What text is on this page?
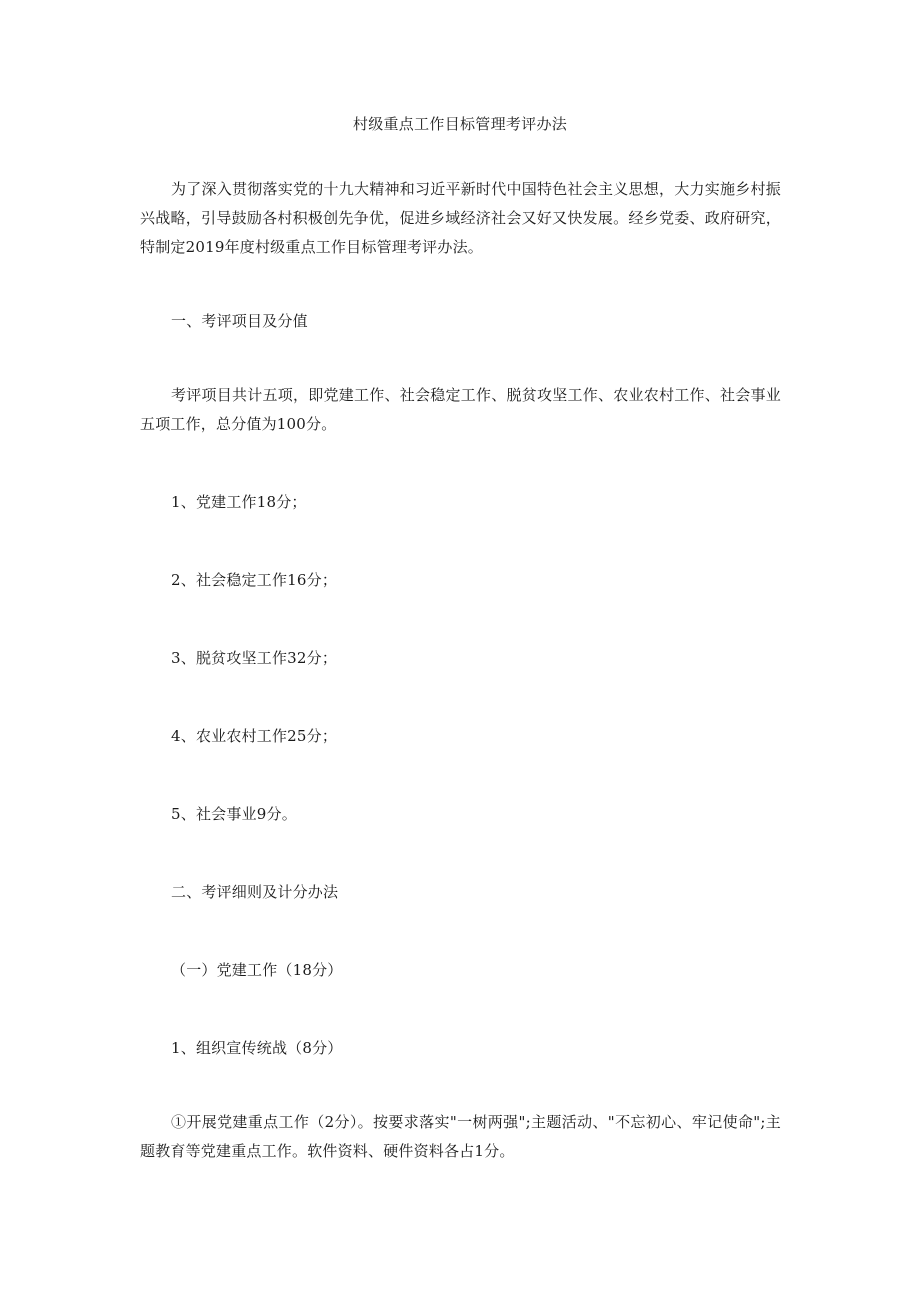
村级重点工作目标管理考评办法
为了深入贯彻落实党的十九大精神和习近平新时代中国特色社会主义思想，大力实施乡村振兴战略，引导鼓励各村积极创先争优，促进乡域经济社会又好又快发展。经乡党委、政府研究，特制定2019年度村级重点工作目标管理考评办法。
一、考评项目及分值
考评项目共计五项，即党建工作、社会稳定工作、脱贫攻坚工作、农业农村工作、社会事业五项工作，总分值为100分。
1、党建工作18分；
2、社会稳定工作16分；
3、脱贫攻坚工作32分；
4、农业农村工作25分；
5、社会事业9分。
二、考评细则及计分办法
（一）党建工作（18分）
1、组织宣传统战（8分）
①开展党建重点工作（2分）。按要求落实"一树两强";主题活动、"不忘初心、牢记使命";主题教育等党建重点工作。软件资料、硬件资料各占1分。
